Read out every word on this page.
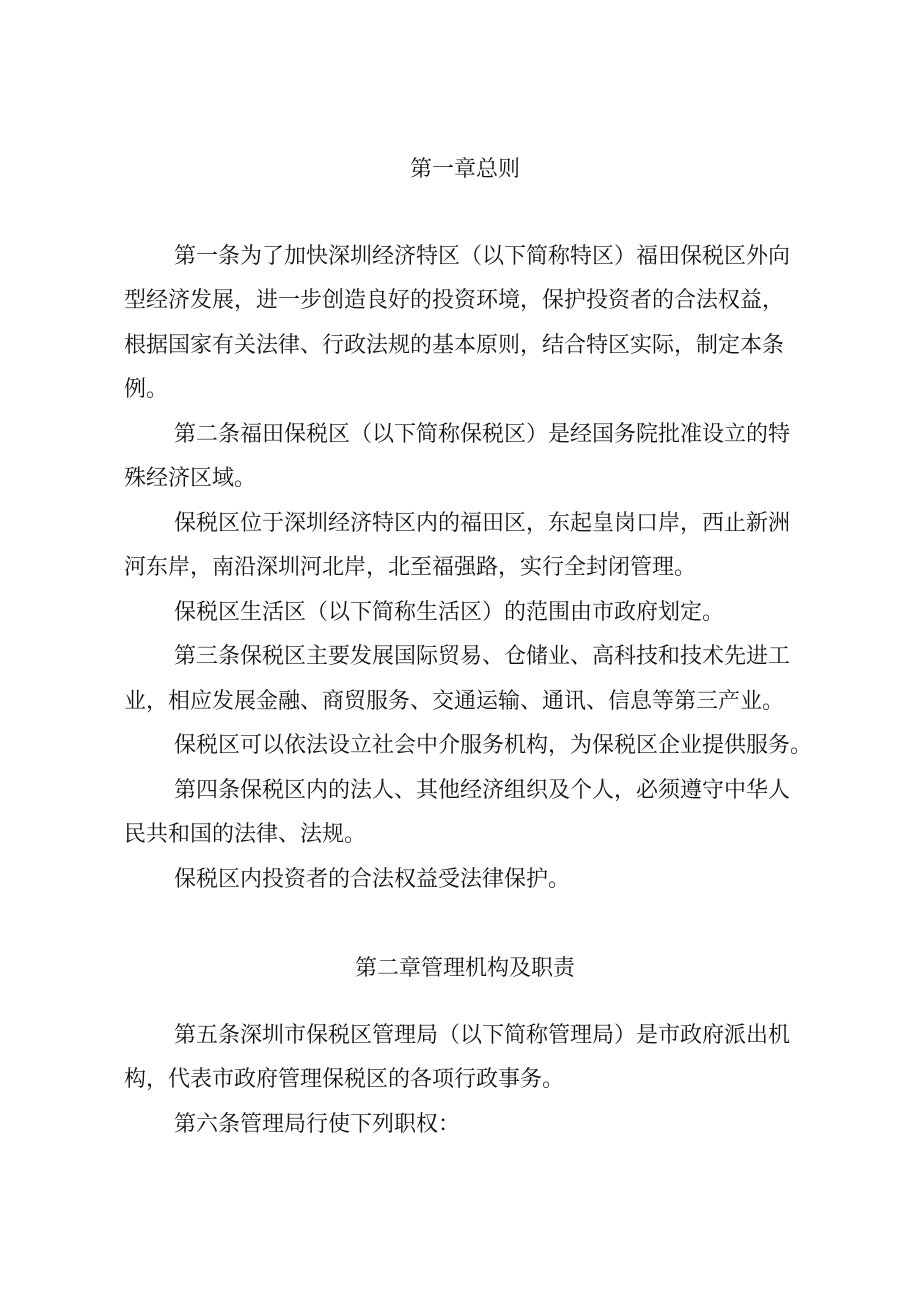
第一章总则
第一条为了加快深圳经济特区（以下简称特区）福田保税区外向
型经济发展，进一步创造良好的投资环境，保护投资者的合法权益，
根据国家有关法律、行政法规的基本原则，结合特区实际，制定本条
例。
第二条福田保税区（以下简称保税区）是经国务院批准设立的特
殊经济区域。
保税区位于深圳经济特区内的福田区，东起皇岗口岸，西止新洲
河东岸，南沿深圳河北岸，北至福强路，实行全封闭管理。
保税区生活区（以下简称生活区）的范围由市政府划定。
第三条保税区主要发展国际贸易、仓储业、高科技和技术先进工
业，相应发展金融、商贸服务、交通运输、通讯、信息等第三产业。
保税区可以依法设立社会中介服务机构，为保税区企业提供服务。
第四条保税区内的法人、其他经济组织及个人，必须遵守中华人
民共和国的法律、法规。
保税区内投资者的合法权益受法律保护。
第二章管理机构及职责
第五条深圳市保税区管理局（以下简称管理局）是市政府派出机
构，代表市政府管理保税区的各项行政事务。
第六条管理局行使下列职权：
